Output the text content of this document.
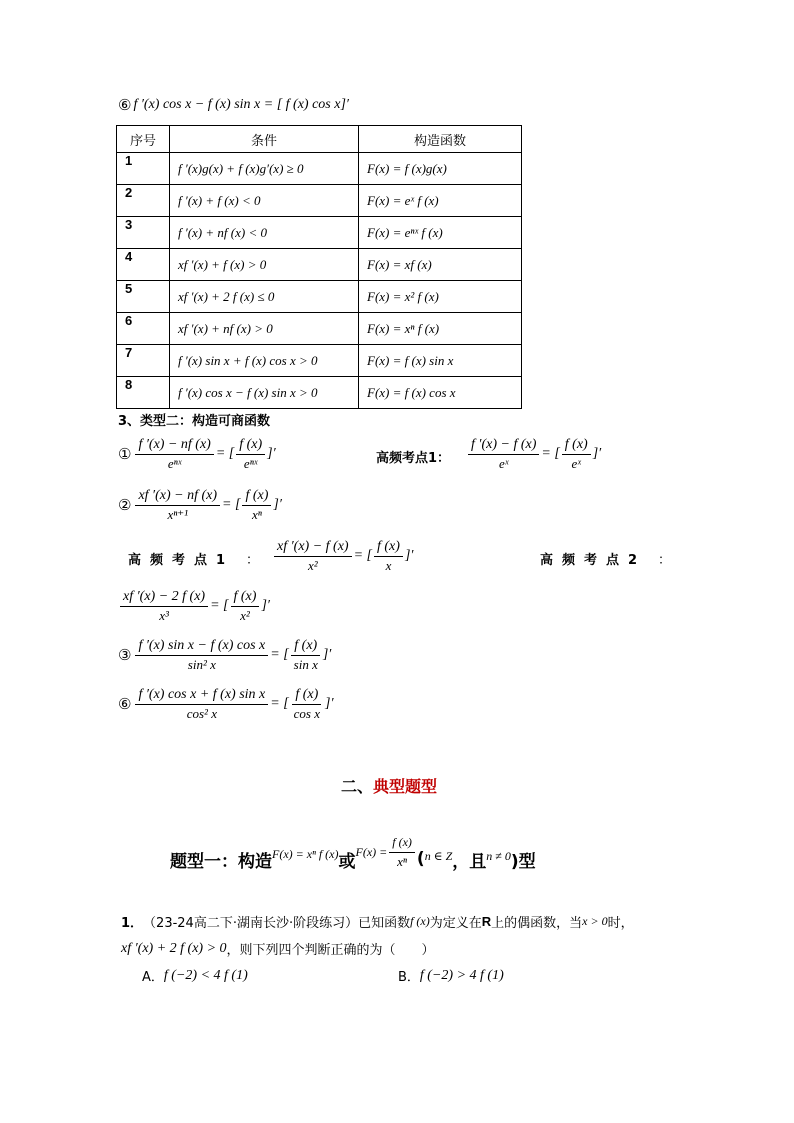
⑥ f ′(x) cos x − f (x) sin x = [ f (x) cos x]′
序号	条件	构造函数
1	f ′(x)g(x) + f (x)g′(x) ≥ 0	F(x) = f (x)g(x)
2	f ′(x) + f (x) < 0	F(x) = eˣ f (x)
3	f ′(x) + nf (x) < 0	F(x) = eⁿˣ f (x)
4	xf ′(x) + f (x) > 0	F(x) = xf (x)
5	xf ′(x) + 2 f (x) ≤ 0	F(x) = x² f (x)
6	xf ′(x) + nf (x) > 0	F(x) = xⁿ f (x)
7	f ′(x) sin x + f (x) cos x > 0	F(x) = f (x) sin x
8	f ′(x) cos x − f (x) sin x > 0	F(x) = f (x) cos x
3、类型二：构造可商函数
① $\frac{f '(x) - nf (x)}{\text{eⁿˣ}}$ = [ $\frac{f (x)}{\text{eⁿˣ}}$ ]′	高频考点1： $\frac{f '(x) - f (x)}{\text{eˣ}}$ = [ $\frac{f (x)}{\text{eˣ}}$ ]′
② $\frac{xf '(x) - nf (x)}{\text{xⁿ⁺¹}}$ = [ $\frac{f (x)}{\text{xⁿ}}$ ]′
高频考点1 ： $\frac{xf '(x) - f (x)}{\text{x²}}$ = [ $\frac{f (x)}{x}$ ]′	高频考点2 ：
$\frac{xf '(x) - 2 f (x)}{\text{x³}}$ = [ $\frac{f (x)}{\text{x²}}$ ]′
③ $\frac{\text{f ′(x) sin x − f (x) cos x}}{\text{sin² x}}$ = [ $\frac{f (x)}{\text{sin x}}$ ]′
⑥ $\frac{\text{f ′(x) cos x + f (x) sin x}}{\text{cos² x}}$ = [ $\frac{f (x)}{\text{cos x}}$ ]′
二、典型题型
题型一：构造 F(x) = xⁿ f (x) 或 $F(x) = \frac{f (x)}{\text{xⁿ}}$ ( n ∈ Z ，且 n ≠ 0 )型
1． （23-24高二下·湖南长沙·阶段练习）已知函数 f (x) 为定义在 R 上的偶函数，当 x > 0 时，
xf ′(x) + 2 f (x) > 0 ，则下列四个判断正确的为（　　）
A． f (−2) < 4 f (1)	B． f (−2) > 4 f (1)
